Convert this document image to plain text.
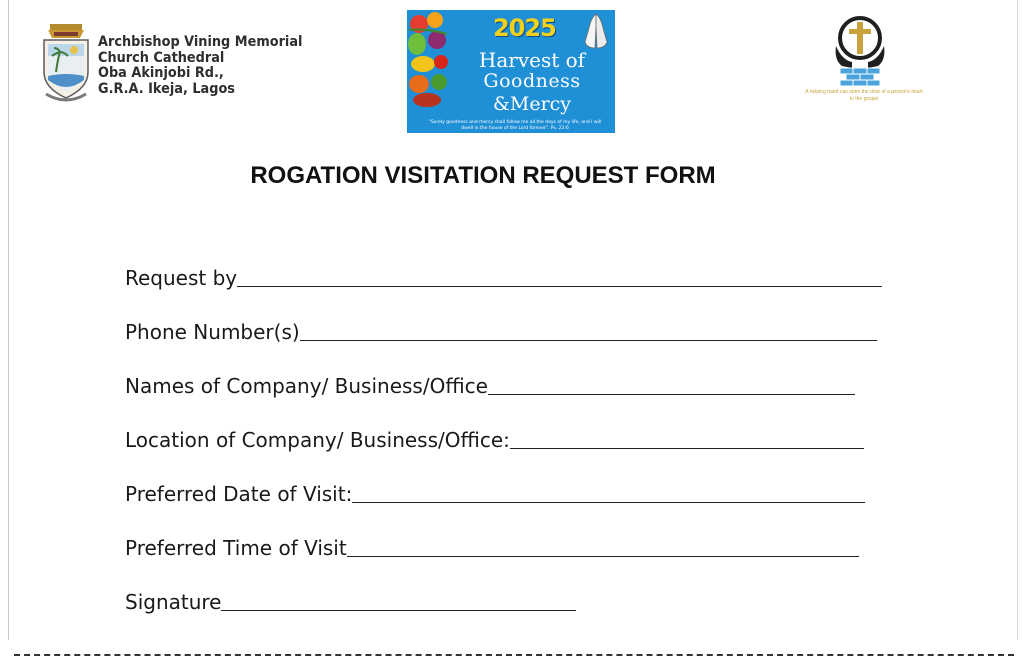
Archbishop Vining Memorial
Church Cathedral
Oba Akinjobi Rd.,
G.R.A. Ikeja, Lagos
2025
Harvest of
Goodness
&Mercy
"Surely goodness and mercy shall follow me all the days of my life, and I will dwell in the house of the Lord forever". Ps. 23:6
A helping hand can open the door of a person's heart to the gospel
ROGATION VISITATION REQUEST FORM
Request by
Phone Number(s)
Names of Company/ Business/Office
Location of Company/ Business/Office:
Preferred Date of Visit:
Preferred Time of Visit
Signature
